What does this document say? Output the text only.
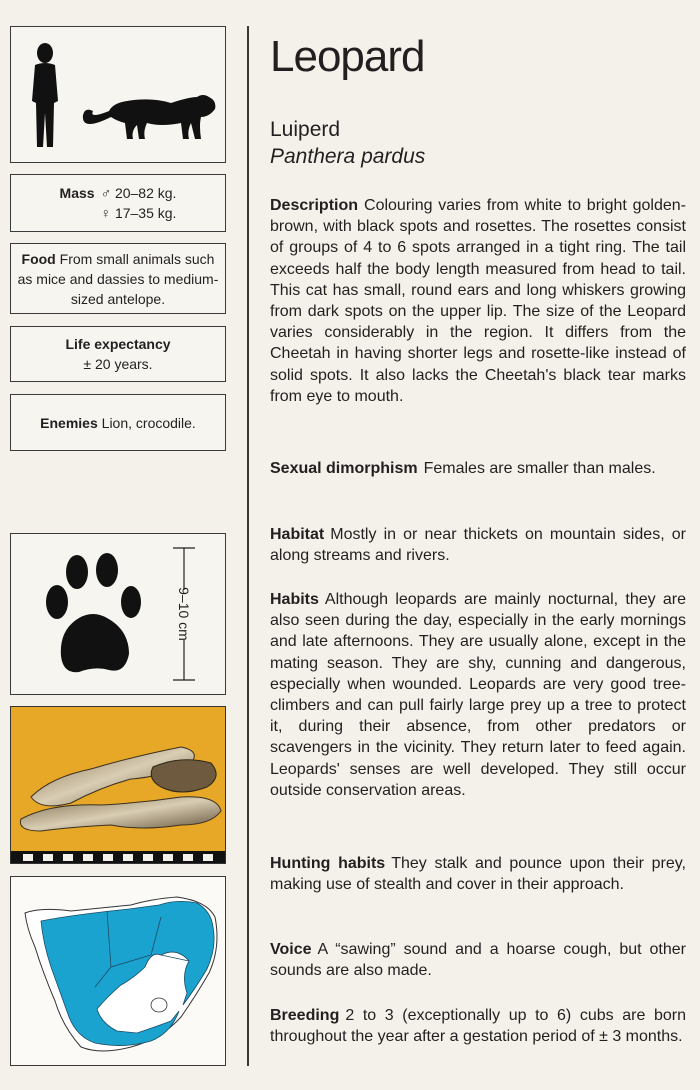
Mass ♂ 20–82 kg.
♀ 17–35 kg.
Food From small animals such as mice and dassies to medium-sized antelope.
Life expectancy
± 20 years.
Enemies Lion, crocodile.
9–10 cm
Leopard
Luiperd
Panthera pardus

Description Colouring varies from white to bright golden-brown, with black spots and rosettes. The rosettes consist of groups of 4 to 6 spots arranged in a tight ring. The tail exceeds half the body length measured from head to tail. This cat has small, round ears and long whiskers growing from dark spots on the upper lip. The size of the Leopard varies considerably in the region. It differs from the Cheetah in having shorter legs and rosette-like instead of solid spots. It also lacks the Cheetah's black tear marks from eye to mouth.

Sexual dimorphism Females are smaller than males.

Habitat Mostly in or near thickets on mountain sides, or along streams and rivers.

Habits Although leopards are mainly nocturnal, they are also seen during the day, especially in the early mornings and late afternoons. They are usually alone, except in the mating season. They are shy, cunning and dangerous, especially when wounded. Leopards are very good tree-climbers and can pull fairly large prey up a tree to protect it, during their absence, from other predators or scavengers in the vicinity. They return later to feed again. Leopards' senses are well developed. They still occur outside conservation areas.

Hunting habits They stalk and pounce upon their prey, making use of stealth and cover in their approach.

Voice A “sawing” sound and a hoarse cough, but other sounds are also made.

Breeding 2 to 3 (exceptionally up to 6) cubs are born throughout the year after a gestation period of ± 3 months.
